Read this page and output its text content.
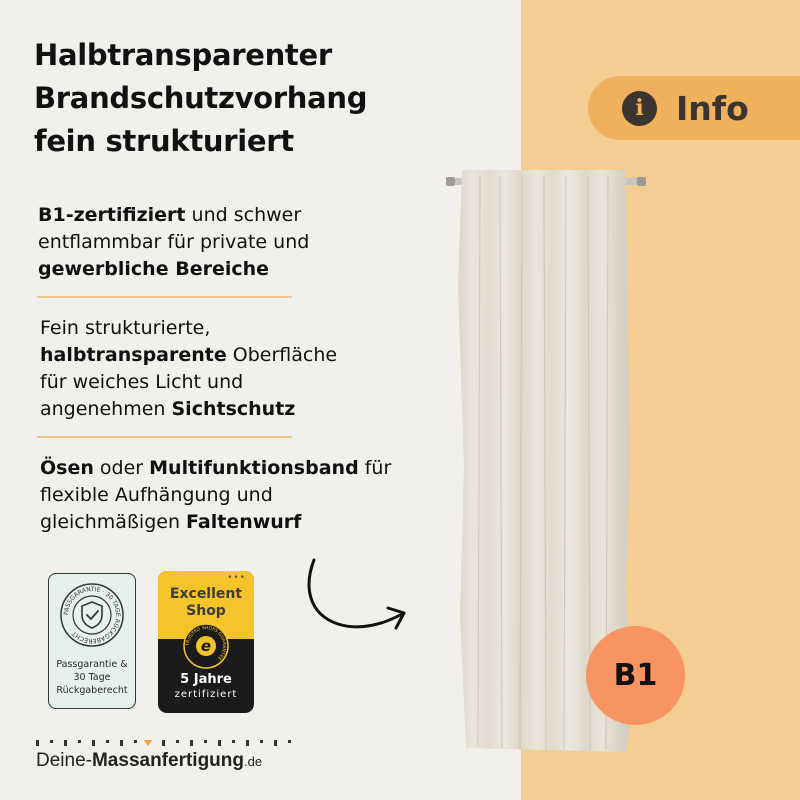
Halbtransparenter
Brandschutzvorhang
fein strukturiert

B1-zertifiziert und schwer
entflammbar für private und
gewerbliche Bereiche

Fein strukturierte,
halbtransparente Oberfläche
für weiches Licht und
angenehmen Sichtschutz

Ösen oder Multifunktionsband für
flexible Aufhängung und
gleichmäßigen Faltenwurf

i Info
B1
PASSGARANTIE · 30 TAGE RÜCKGABERECHT ·
Passgarantie &
30 Tage
Rückgaberecht
•••
Excellent
Shop
TRUSTED SHOPS GUARANTEE
e
5 Jahre
zertifiziert
Deine-Massanfertigung.de
